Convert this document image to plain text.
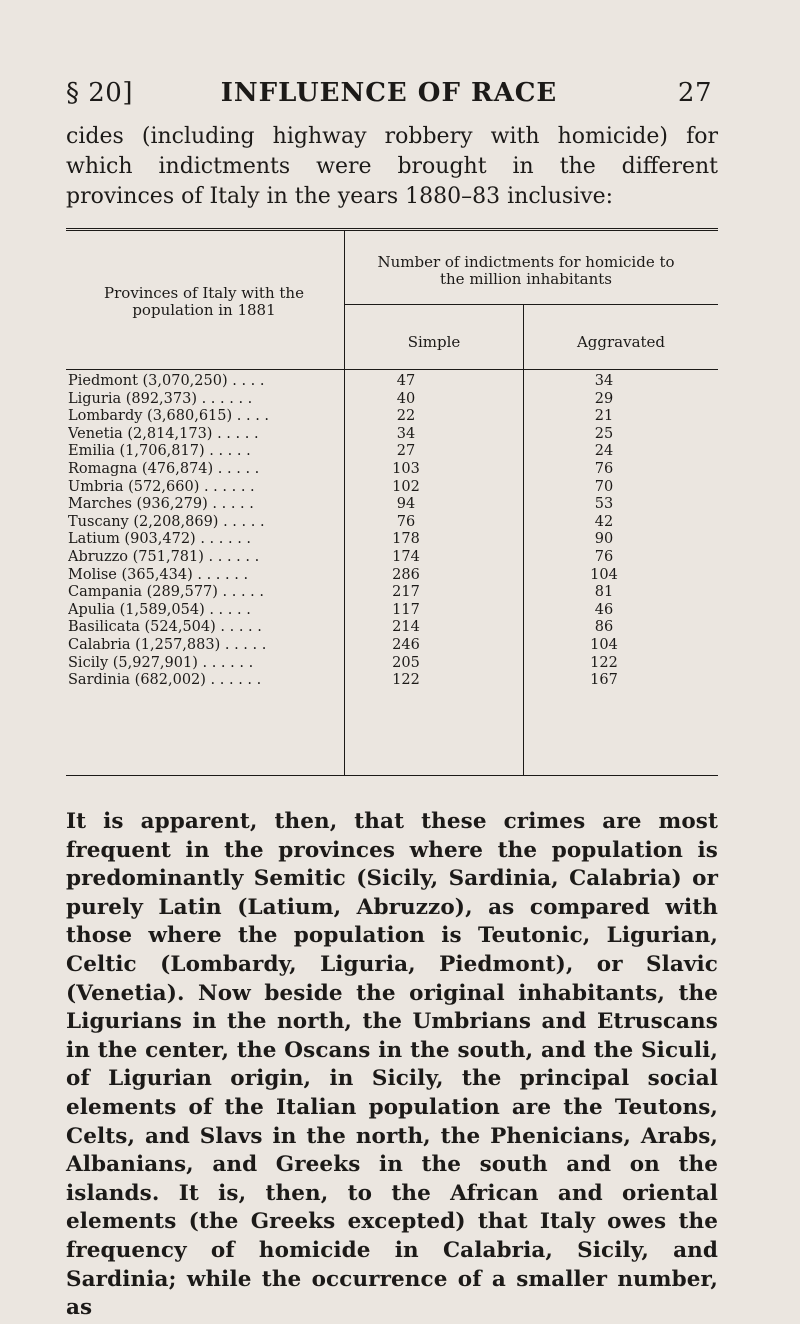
§ 20]	INFLUENCE OF RACE	27
cides (including highway robbery with homicide) for which indictments were brought in the different provinces of Italy in the years 1880–83 inclusive:
Provinces of Italy with the population in 1881
Number of indictments for homicide to the million inhabitants
Simple	Aggravated
Piedmont (3,070,250) . . . .	47	34
Liguria (892,373) . . . . . .	40	29
Lombardy (3,680,615) . . . .	22	21
Venetia (2,814,173) . . . . .	34	25
Emilia (1,706,817) . . . . .	27	24
Romagna (476,874) . . . . .	103	76
Umbria (572,660) . . . . . .	102	70
Marches (936,279) . . . . .	94	53
Tuscany (2,208,869) . . . . .	76	42
Latium (903,472) . . . . . .	178	90
Abruzzo (751,781) . . . . . .	174	76
Molise (365,434) . . . . . .	286	104
Campania (289,577) . . . . .	217	81
Apulia (1,589,054) . . . . .	117	46
Basilicata (524,504) . . . . .	214	86
Calabria (1,257,883) . . . . .	246	104
Sicily (5,927,901) . . . . . .	205	122
Sardinia (682,002) . . . . . .	122	167
It is apparent, then, that these crimes are most frequent in the provinces where the population is predominantly Semitic (Sicily, Sardinia, Calabria) or purely Latin (Latium, Abruzzo), as compared with those where the population is Teutonic, Ligurian, Celtic (Lombardy, Liguria, Piedmont), or Slavic (Venetia). Now beside the original inhabitants, the Ligurians in the north, the Umbrians and Etruscans in the center, the Oscans in the south, and the Siculi, of Ligurian origin, in Sicily, the principal social elements of the Italian population are the Teutons, Celts, and Slavs in the north, the Phenicians, Arabs, Albanians, and Greeks in the south and on the islands. It is, then, to the African and oriental elements (the Greeks excepted) that Italy owes the frequency of homicide in Calabria, Sicily, and Sardinia; while the occurrence of a smaller number, as
